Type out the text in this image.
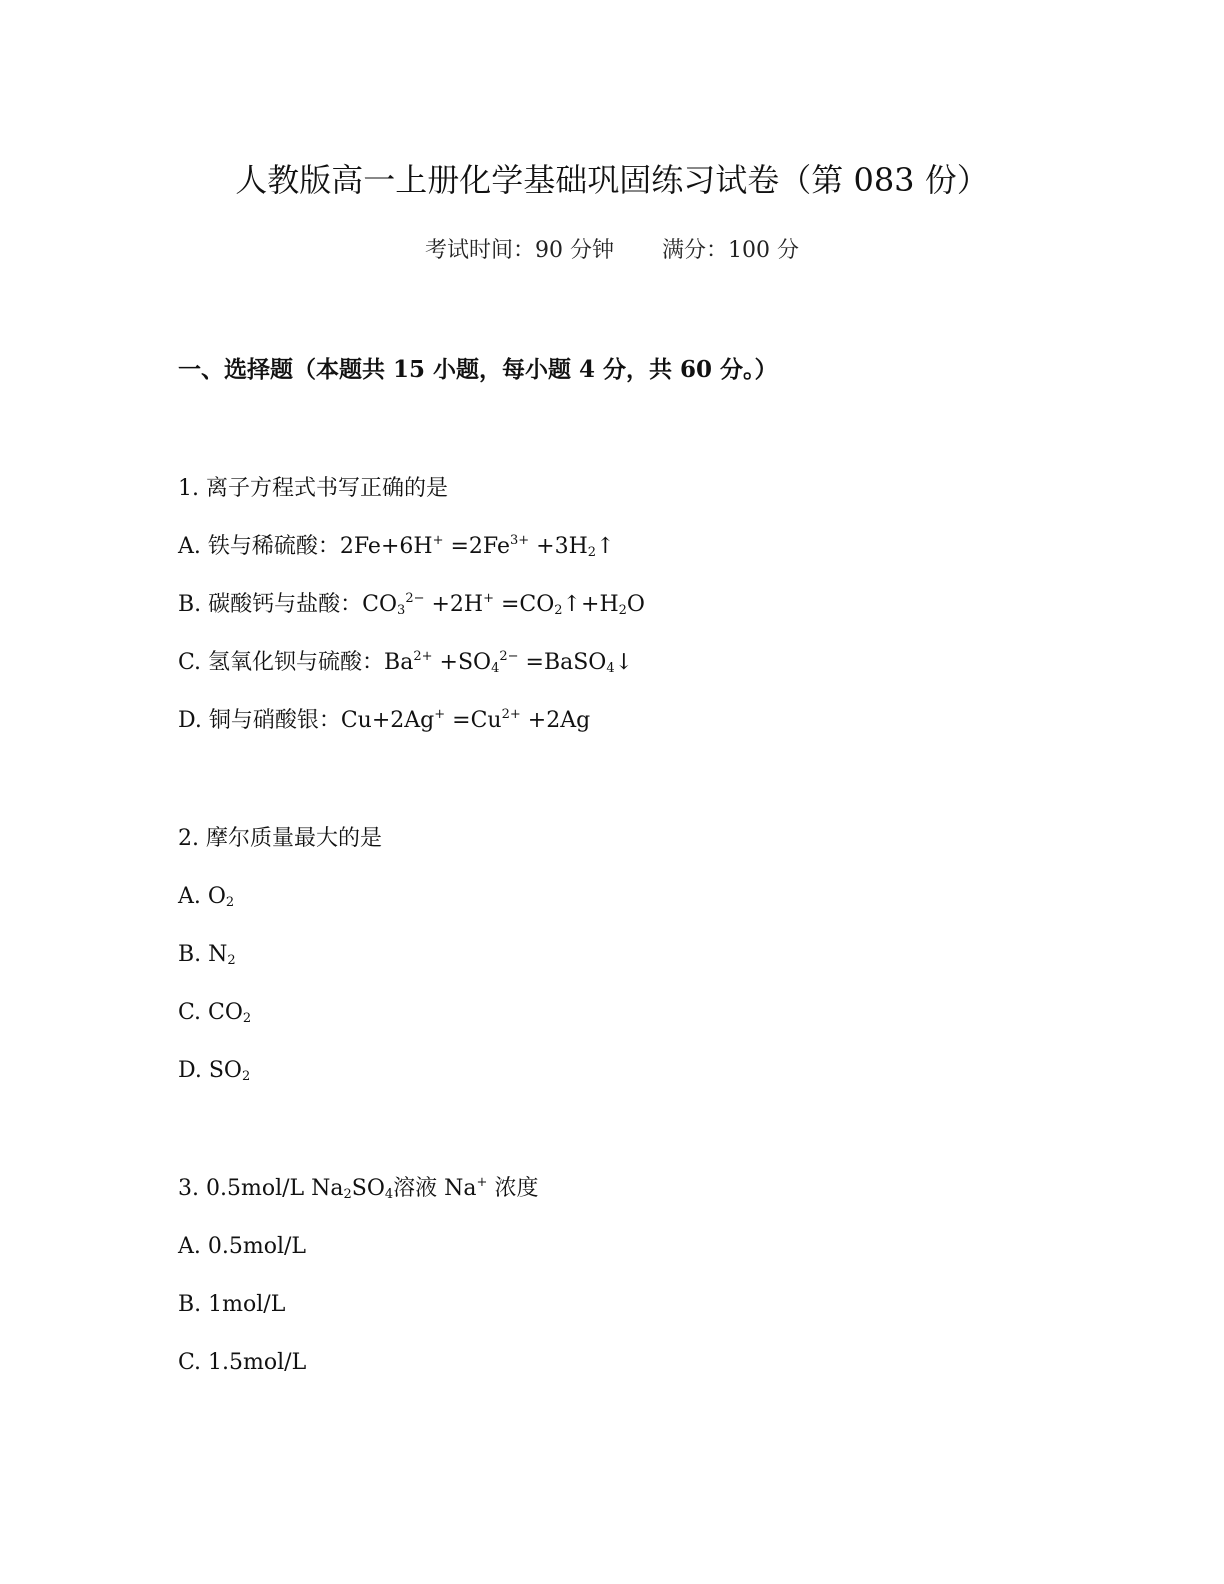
人教版高一上册化学基础巩固练习试卷（第 083 份）
考试时间：90 分钟 满分：100 分
一、选择题（本题共 15 小题，每小题 4 分，共 60 分。）
1. 离子方程式书写正确的是
A. 铁与稀硫酸：$2Fe+6H^+ =2Fe^{3+}$ $+3H_2↑$
B. 碳酸钙与盐酸：$CO_3^{2-} +2H^+$ $=CO_2↑+H_2O$
C. 氢氧化钡与硫酸：$Ba^{2+} +SO_4^{2-}$ =BaSO$_4$↓
D. 铜与硝酸银：$Cu+2Ag^+ =Cu^{2+} +2Ag$
2. 摩尔质量最大的是
A. $O_2$
B. $N_2$
C. $CO_2$
D. $SO_2$
3. 0.5mol/L $Na_2SO_4$溶液 Na+ 浓度
A. 0.5mol/L
B. 1mol/L
C. 1.5mol/L
